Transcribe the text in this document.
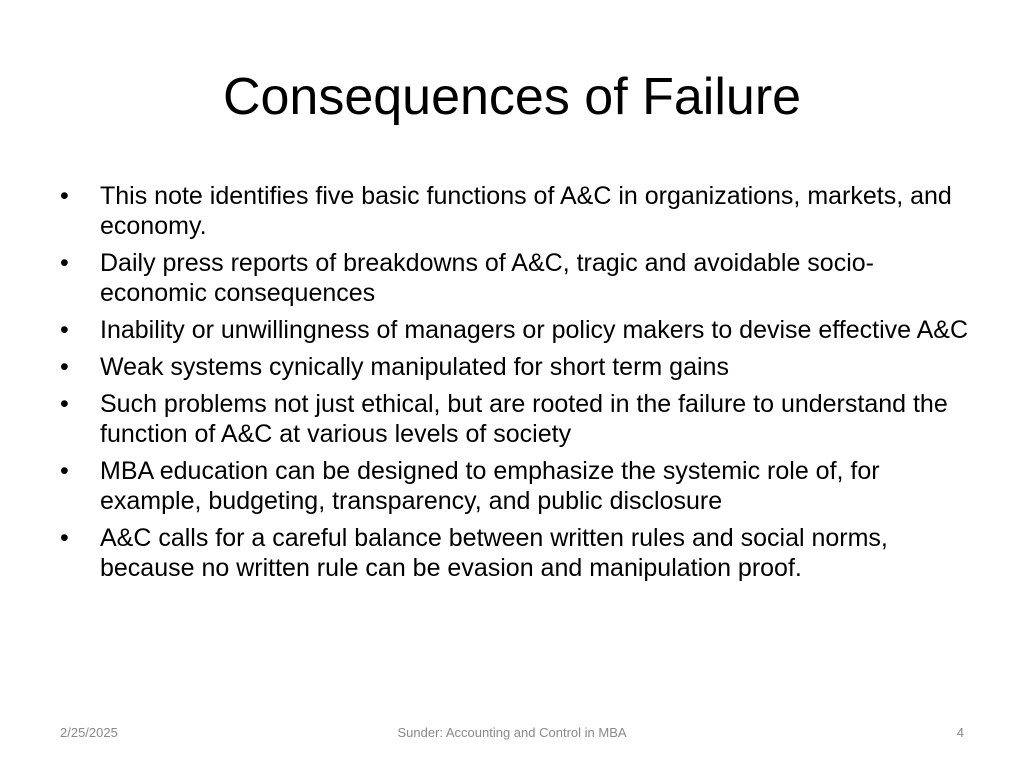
Consequences of Failure
• This note identifies five basic functions of A&C in organizations, markets, and economy.
• Daily press reports of breakdowns of A&C, tragic and avoidable socio-economic consequences
• Inability or unwillingness of managers or policy makers to devise effective A&C
• Weak systems cynically manipulated for short term gains
• Such problems not just ethical, but are rooted in the failure to understand the function of A&C at various levels of society
• MBA education can be designed to emphasize the systemic role of, for example, budgeting, transparency, and public disclosure
• A&C calls for a careful balance between written rules and social norms, because no written rule can be evasion and manipulation proof.
2/25/2025	Sunder: Accounting and Control in MBA	4
